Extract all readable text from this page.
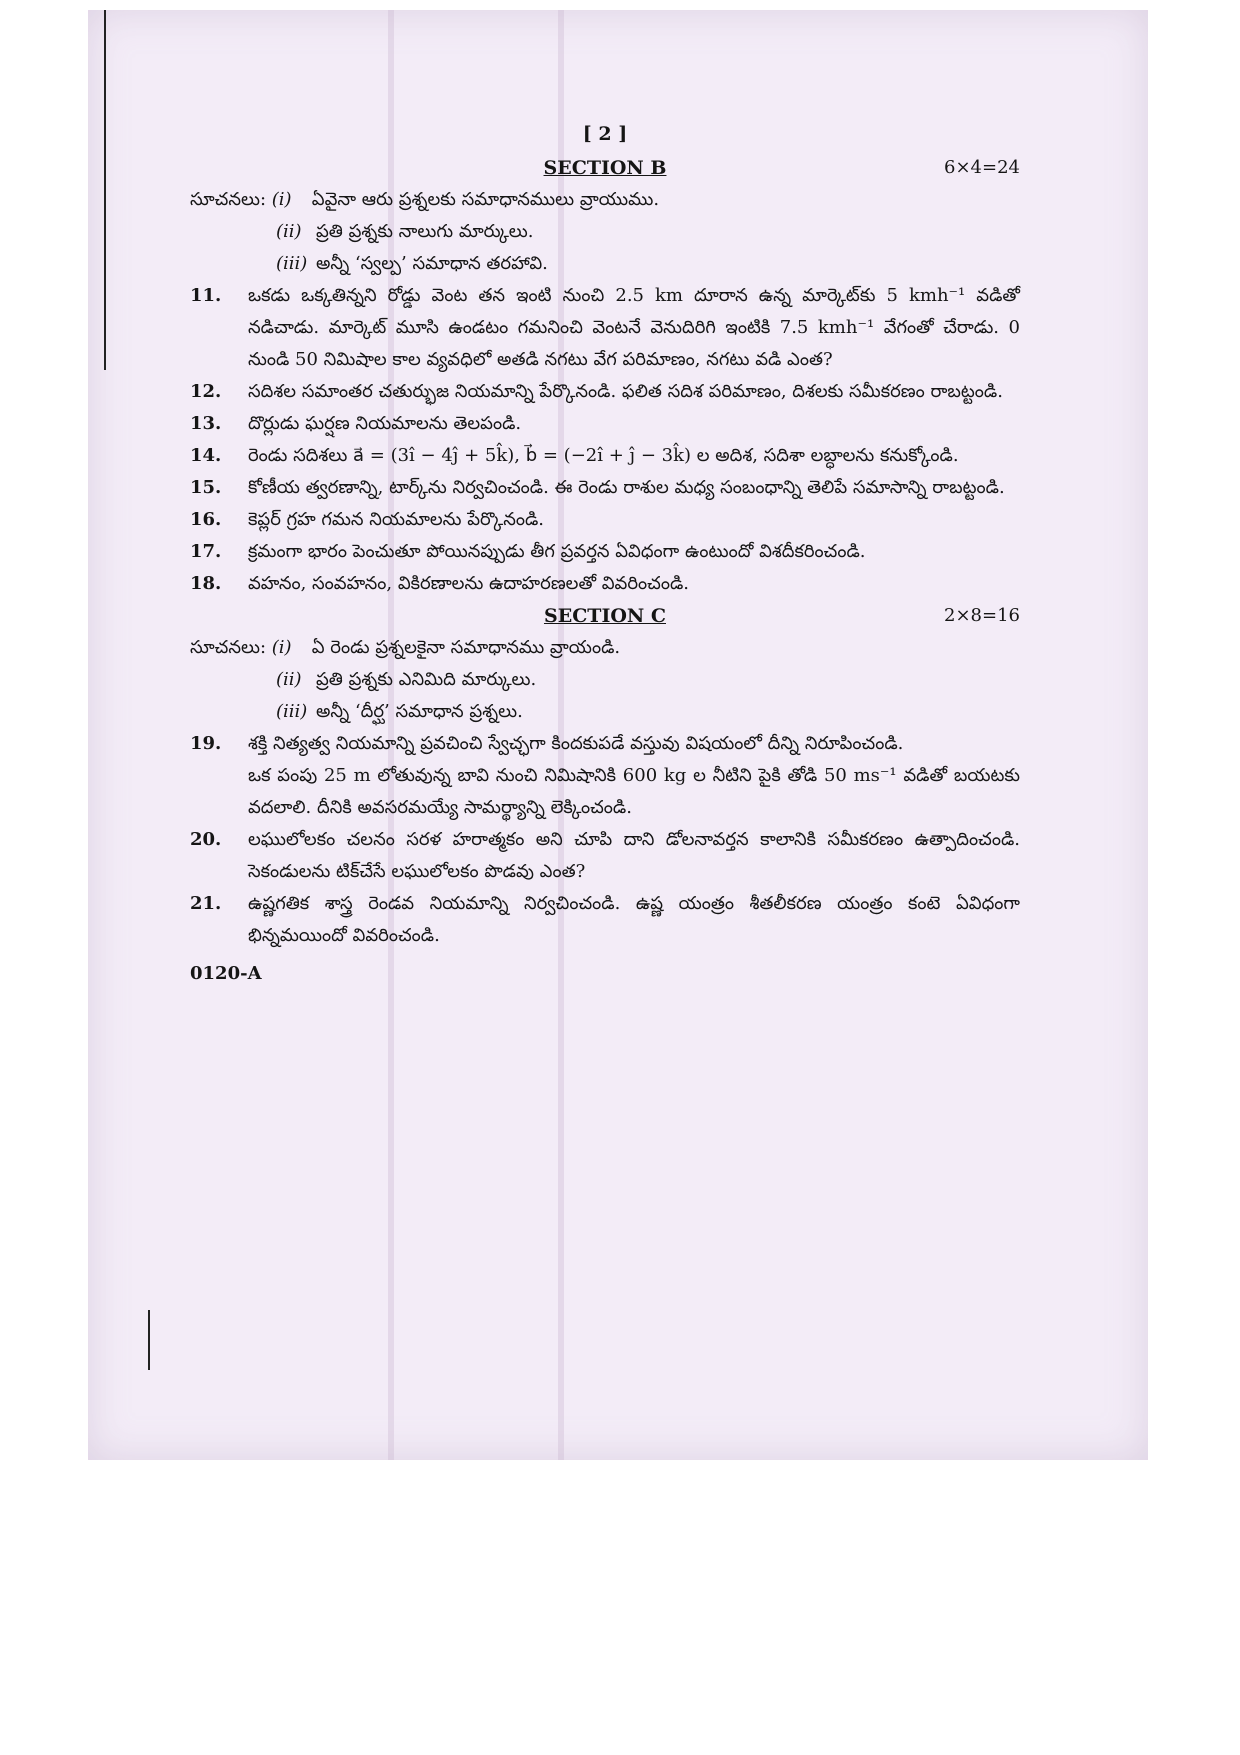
[ 2 ]
SECTION B	6×4=24
సూచనలు:
(i)	ఏవైనా ఆరు ప్రశ్నలకు సమాధానములు వ్రాయుము.
(ii) ప్రతి ప్రశ్నకు నాలుగు మార్కులు.
(iii) అన్నీ ‘స్వల్ప’ సమాధాన తరహావి.
11.	ఒకడు ఒక్కతిన్నని రోడ్డు వెంట తన ఇంటి నుంచి 2.5 km దూరాన ఉన్న మార్కెట్‌కు 5 kmh⁻¹ వడితో నడిచాడు. మార్కెట్ మూసి ఉండటం గమనించి వెంటనే వెనుదిరిగి ఇంటికి 7.5 kmh⁻¹ వేగంతో చేరాడు. 0 నుండి 50 నిమిషాల కాల వ్యవధిలో అతడి నగటు వేగ పరిమాణం, నగటు వడి ఎంత?
12.	సదిశల సమాంతర చతుర్భుజ నియమాన్ని పేర్కొనండి. ఫలిత సదిశ పరిమాణం, దిశలకు సమీకరణం రాబట్టండి.
13.	దొర్లుడు ఘర్షణ నియమాలను తెలపండి.
14.	రెండు సదిశలు a⃗ = (3î − 4ĵ + 5k̂), b⃗ = (−2î + ĵ − 3k̂) ల అదిశ, సదిశా లబ్ధాలను కనుక్కోండి.
15.	కోణీయ త్వరణాన్ని, టార్క్‌ను నిర్వచించండి. ఈ రెండు రాశుల మధ్య సంబంధాన్ని తెలిపే సమాసాన్ని రాబట్టండి.
16.	కెప్లర్ గ్రహ గమన నియమాలను పేర్కొనండి.
17.	క్రమంగా భారం పెంచుతూ పోయినప్పుడు తీగ ప్రవర్తన ఏవిధంగా ఉంటుందో విశదీకరించండి.
18.	వహనం, సంవహనం, వికిరణాలను ఉదాహరణలతో వివరించండి.
SECTION C	2×8=16
సూచనలు:
(i)	ఏ రెండు ప్రశ్నలకైనా సమాధానము వ్రాయండి.
(ii) ప్రతి ప్రశ్నకు ఎనిమిది మార్కులు.
(iii) అన్నీ ‘దీర్ఘ’ సమాధాన ప్రశ్నలు.
19.	శక్తి నిత్యత్వ నియమాన్ని ప్రవచించి స్వేచ్ఛగా కిందకుపడే వస్తువు విషయంలో దీన్ని నిరూపించండి.
ఒక పంపు 25 m లోతువున్న బావి నుంచి నిమిషానికి 600 kg ల నీటిని పైకి తోడి 50 ms⁻¹ వడితో బయటకు వదలాలి. దీనికి అవసరమయ్యే సామర్థ్యాన్ని లెక్కించండి.
20.	లఘులోలకం చలనం సరళ హరాత్మకం అని చూపి దాని డోలనావర్తన కాలానికి సమీకరణం ఉత్పాదించండి. సెకండులను టిక్‌చేసే లఘులోలకం పొడవు ఎంత?
21.	ఉష్ణగతిక శాస్త్ర రెండవ నియమాన్ని నిర్వచించండి. ఉష్ణ యంత్రం శీతలీకరణ యంత్రం కంటె ఏవిధంగా భిన్నమయిందో వివరించండి.
0120-A
